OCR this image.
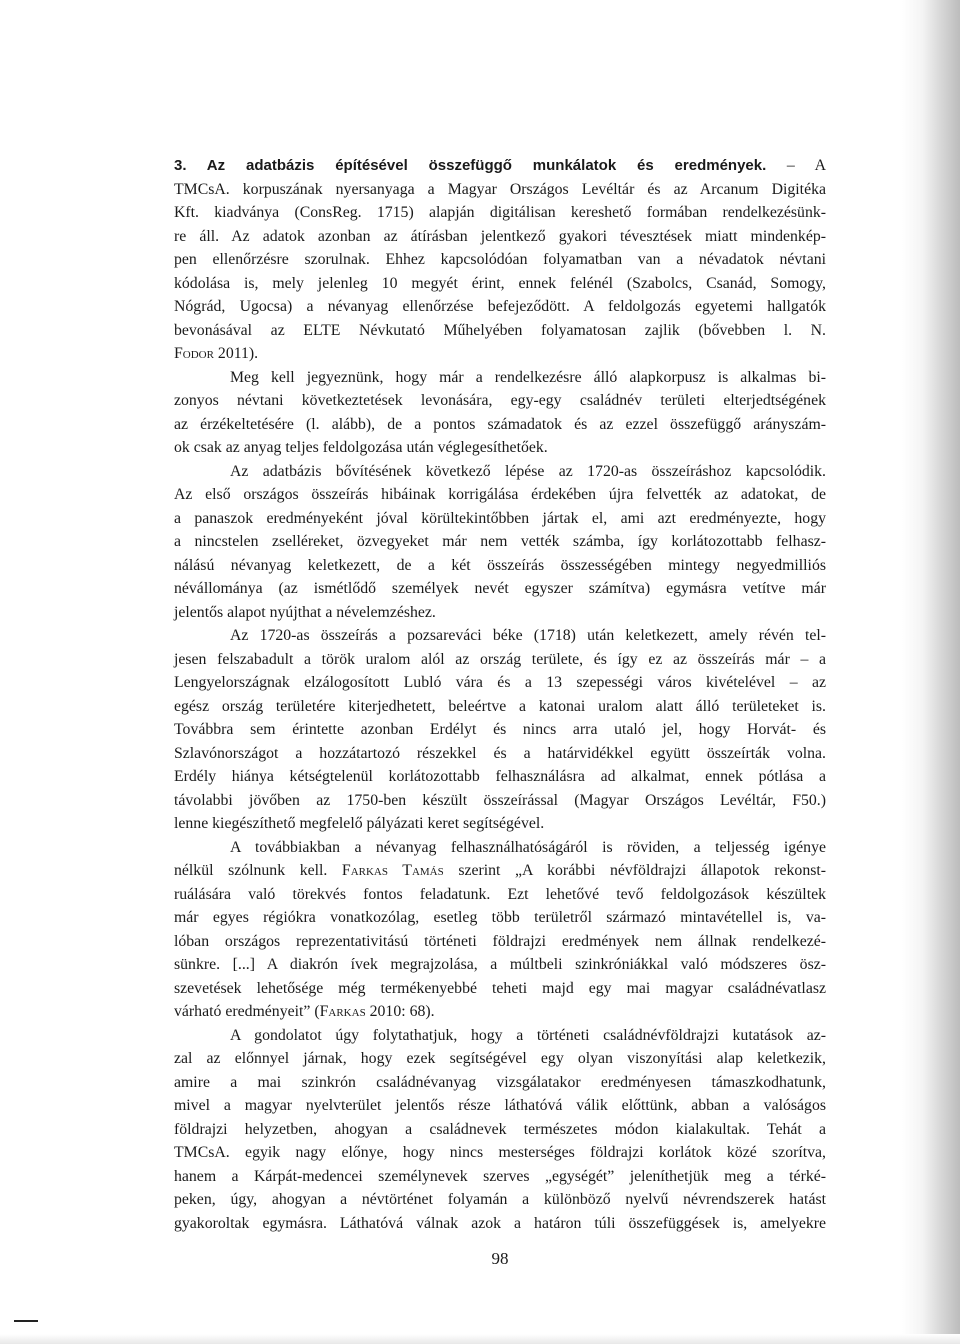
3. Az adatbázis építésével összefüggő munkálatok és eredmények. – A
TMCsA. korpuszának nyersanyaga a Magyar Országos Levéltár és az Arcanum Digitéka
Kft. kiadványa (ConsReg. 1715) alapján digitálisan kereshető formában rendelkezésünk-
re áll. Az adatok azonban az átírásban jelentkező gyakori tévesztések miatt mindenkép-
pen ellenőrzésre szorulnak. Ehhez kapcsolódóan folyamatban van a névadatok névtani
kódolása is, mely jelenleg 10 megyét érint, ennek felénél (Szabolcs, Csanád, Somogy,
Nógrád, Ugocsa) a névanyag ellenőrzése befejeződött. A feldolgozás egyetemi hallgatók
bevonásával az ELTE Névkutató Műhelyében folyamatosan zajlik (bővebben l. N.
Fodor 2011).
Meg kell jegyeznünk, hogy már a rendelkezésre álló alapkorpusz is alkalmas bi-
zonyos névtani következtetések levonására, egy-egy családnév területi elterjedtségének
az érzékeltetésére (l. alább), de a pontos számadatok és az ezzel összefüggő arányszám-
ok csak az anyag teljes feldolgozása után véglegesíthetőek.
Az adatbázis bővítésének következő lépése az 1720-as összeíráshoz kapcsolódik.
Az első országos összeírás hibáinak korrigálása érdekében újra felvették az adatokat, de
a panaszok eredményeként jóval körültekintőbben jártak el, ami azt eredményezte, hogy
a nincstelen zselléreket, özvegyeket már nem vették számba, így korlátozottabb felhasz-
nálású névanyag keletkezett, de a két összeírás összességében mintegy negyedmilliós
névállománya (az ismétlődő személyek nevét egyszer számítva) egymásra vetítve már
jelentős alapot nyújthat a névelemzéshez.
Az 1720-as összeírás a pozsareváci béke (1718) után keletkezett, amely révén tel-
jesen felszabadult a török uralom alól az ország területe, és így ez az összeírás már – a
Lengyelországnak elzálogosított Lubló vára és a 13 szepességi város kivételével – az
egész ország területére kiterjedhetett, beleértve a katonai uralom alatt álló területeket is.
Továbbra sem érintette azonban Erdélyt és nincs arra utaló jel, hogy Horvát- és
Szlavónországot a hozzátartozó részekkel és a határvidékkel együtt összeírták volna.
Erdély hiánya kétségtelenül korlátozottabb felhasználásra ad alkalmat, ennek pótlása a
távolabbi jövőben az 1750-ben készült összeírással (Magyar Országos Levéltár, F50.)
lenne kiegészíthető megfelelő pályázati keret segítségével.
A továbbiakban a névanyag felhasználhatóságáról is röviden, a teljesség igénye
nélkül szólnunk kell. Farkas Tamás szerint „A korábbi névföldrajzi állapotok rekonst-
ruálására való törekvés fontos feladatunk. Ezt lehetővé tevő feldolgozások készültek
már egyes régiókra vonatkozólag, esetleg több területről származó mintavétellel is, va-
lóban országos reprezentativitású történeti földrajzi eredmények nem állnak rendelkezé-
sünkre. [...] A diakrón ívek megrajzolása, a múltbeli szinkróniákkal való módszeres ösz-
szevetések lehetősége még termékenyebbé teheti majd egy mai magyar családnévatlasz
várható eredményeit” (Farkas 2010: 68).
A gondolatot úgy folytathatjuk, hogy a történeti családnévföldrajzi kutatások az-
zal az előnnyel járnak, hogy ezek segítségével egy olyan viszonyítási alap keletkezik,
amire a mai szinkrón családnévanyag vizsgálatakor eredményesen támaszkodhatunk,
mivel a magyar nyelvterület jelentős része láthatóvá válik előttünk, abban a valóságos
földrajzi helyzetben, ahogyan a családnevek természetes módon kialakultak. Tehát a
TMCsA. egyik nagy előnye, hogy nincs mesterséges földrajzi korlátok közé szorítva,
hanem a Kárpát-medencei személynevek szerves „egységét” jeleníthetjük meg a térké-
peken, úgy, ahogyan a névtörténet folyamán a különböző nyelvű névrendszerek hatást
gyakoroltak egymásra. Láthatóvá válnak azok a határon túli összefüggések is, amelyekre
98
